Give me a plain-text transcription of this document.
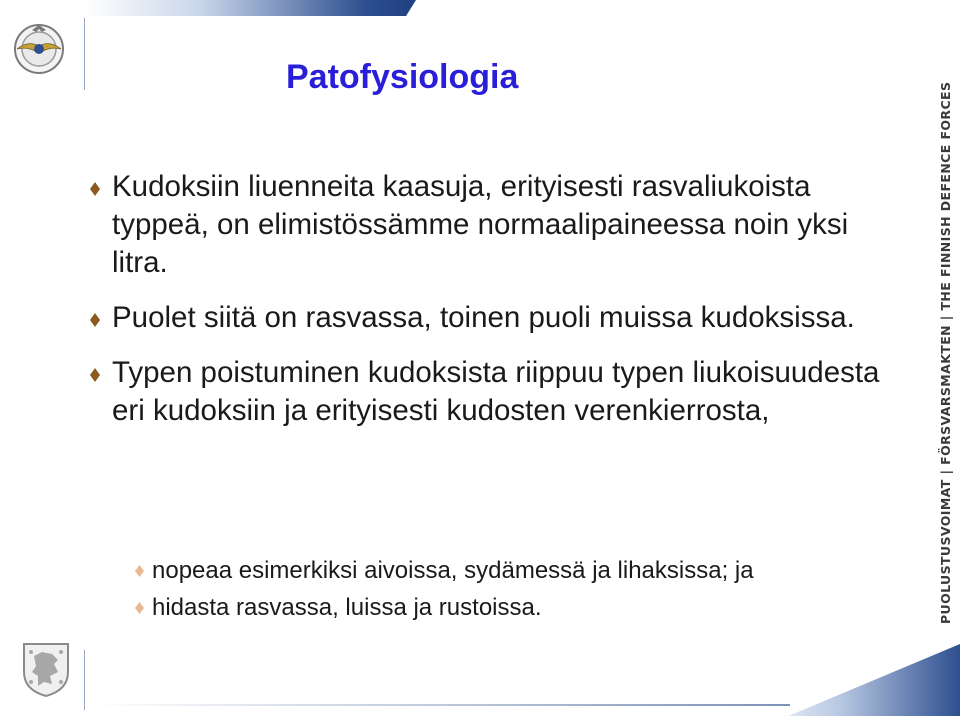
PUOLUSTUSVOIMAT | FÖRSVARSMAKTEN | THE FINNISH DEFENCE FORCES
Patofysiologia
Kudoksiin liuenneita kaasuja, erityisesti rasvaliukoista typpeä, on elimistössämme normaalipaineessa noin yksi litra.
Puolet siitä on rasvassa, toinen puoli muissa kudoksissa.
Typen poistuminen kudoksista riippuu typen liukoisuudesta eri kudoksiin ja erityisesti kudosten verenkierrosta,
nopeaa esimerkiksi aivoissa, sydämessä ja lihaksissa; ja
hidasta rasvassa, luissa ja rustoissa.
